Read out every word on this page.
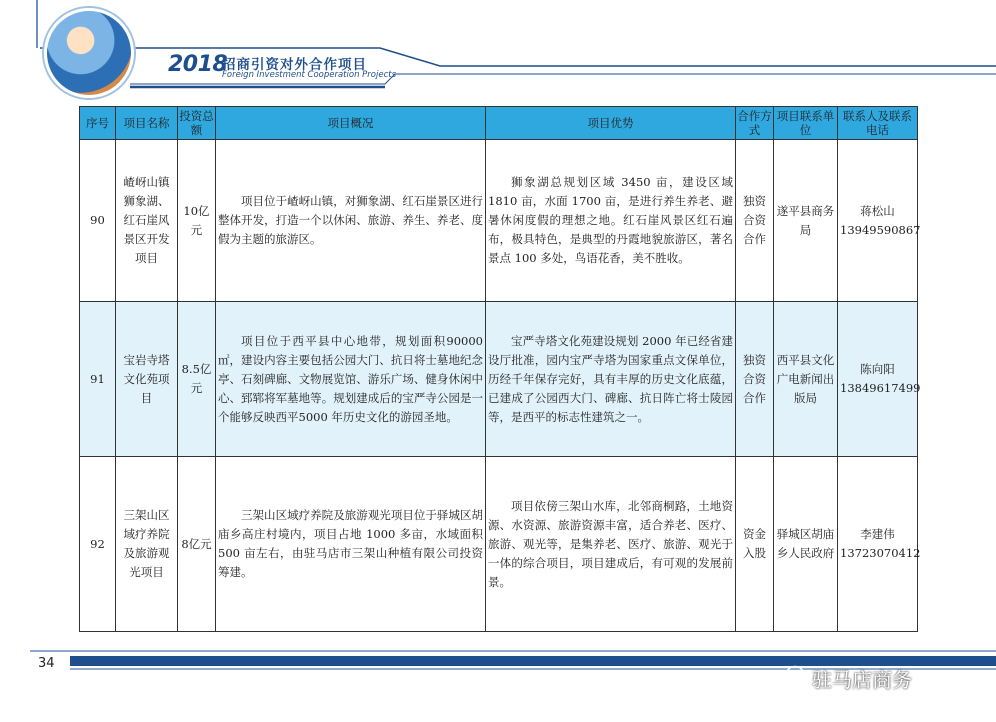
2018
招商引资对外合作项目
Foreign Investment Cooperation Projects
序号	项目名称	投资总额	项目概况	项目优势	合作方式	项目联系单位	联系人及联系电话
90	嵖岈山镇狮象湖、红石崖风景区开发项目	10亿元	项目位于嵖岈山镇，对狮象湖、红石崖景区进行整体开发，打造一个以休闲、旅游、养生、养老、度假为主题的旅游区。	狮象湖总规划区域 3450 亩，建设区域 1810 亩，水面 1700 亩，是进行养生养老、避暑休闲度假的理想之地。红石崖风景区红石遍布，极具特色，是典型的丹霞地貌旅游区，著名景点 100 多处，鸟语花香，美不胜收。	独资合资合作	遂平县商务局	蒋松山
13949590867

91	宝岩寺塔文化苑项目	8.5亿元	项目位于西平县中心地带，规划面积90000 ㎡，建设内容主要包括公园大门、抗日将士墓地纪念亭、石刻碑廊、文物展览馆、游乐广场、健身休闲中心、郅郓将军墓地等。规划建成后的宝严寺公园是一个能够反映西平5000 年历史文化的游园圣地。	宝严寺塔文化苑建设规划 2000 年已经省建设厅批准，园内宝严寺塔为国家重点文保单位，历经千年保存完好，具有丰厚的历史文化底蕴，已建成了公园西大门、碑廊、抗日阵亡将士陵园等，是西平的标志性建筑之一。	独资合资合作	西平县文化广电新闻出版局	陈向阳
13849617499

92	三架山区域疗养院及旅游观光项目	8亿元	三架山区域疗养院及旅游观光项目位于驿城区胡庙乡高庄村境内，项目占地 1000 多亩，水域面积 500 亩左右，由驻马店市三架山种植有限公司投资筹建。	项目依傍三架山水库，北邻商桐路，土地资源、水资源、旅游资源丰富，适合养老、医疗、旅游、观光等，是集养老、医疗、旅游、观光于一体的综合项目，项目建成后，有可观的发展前景。	资金入股	驿城区胡庙乡人民政府	李建伟
13723070412
34
驻马店商务
